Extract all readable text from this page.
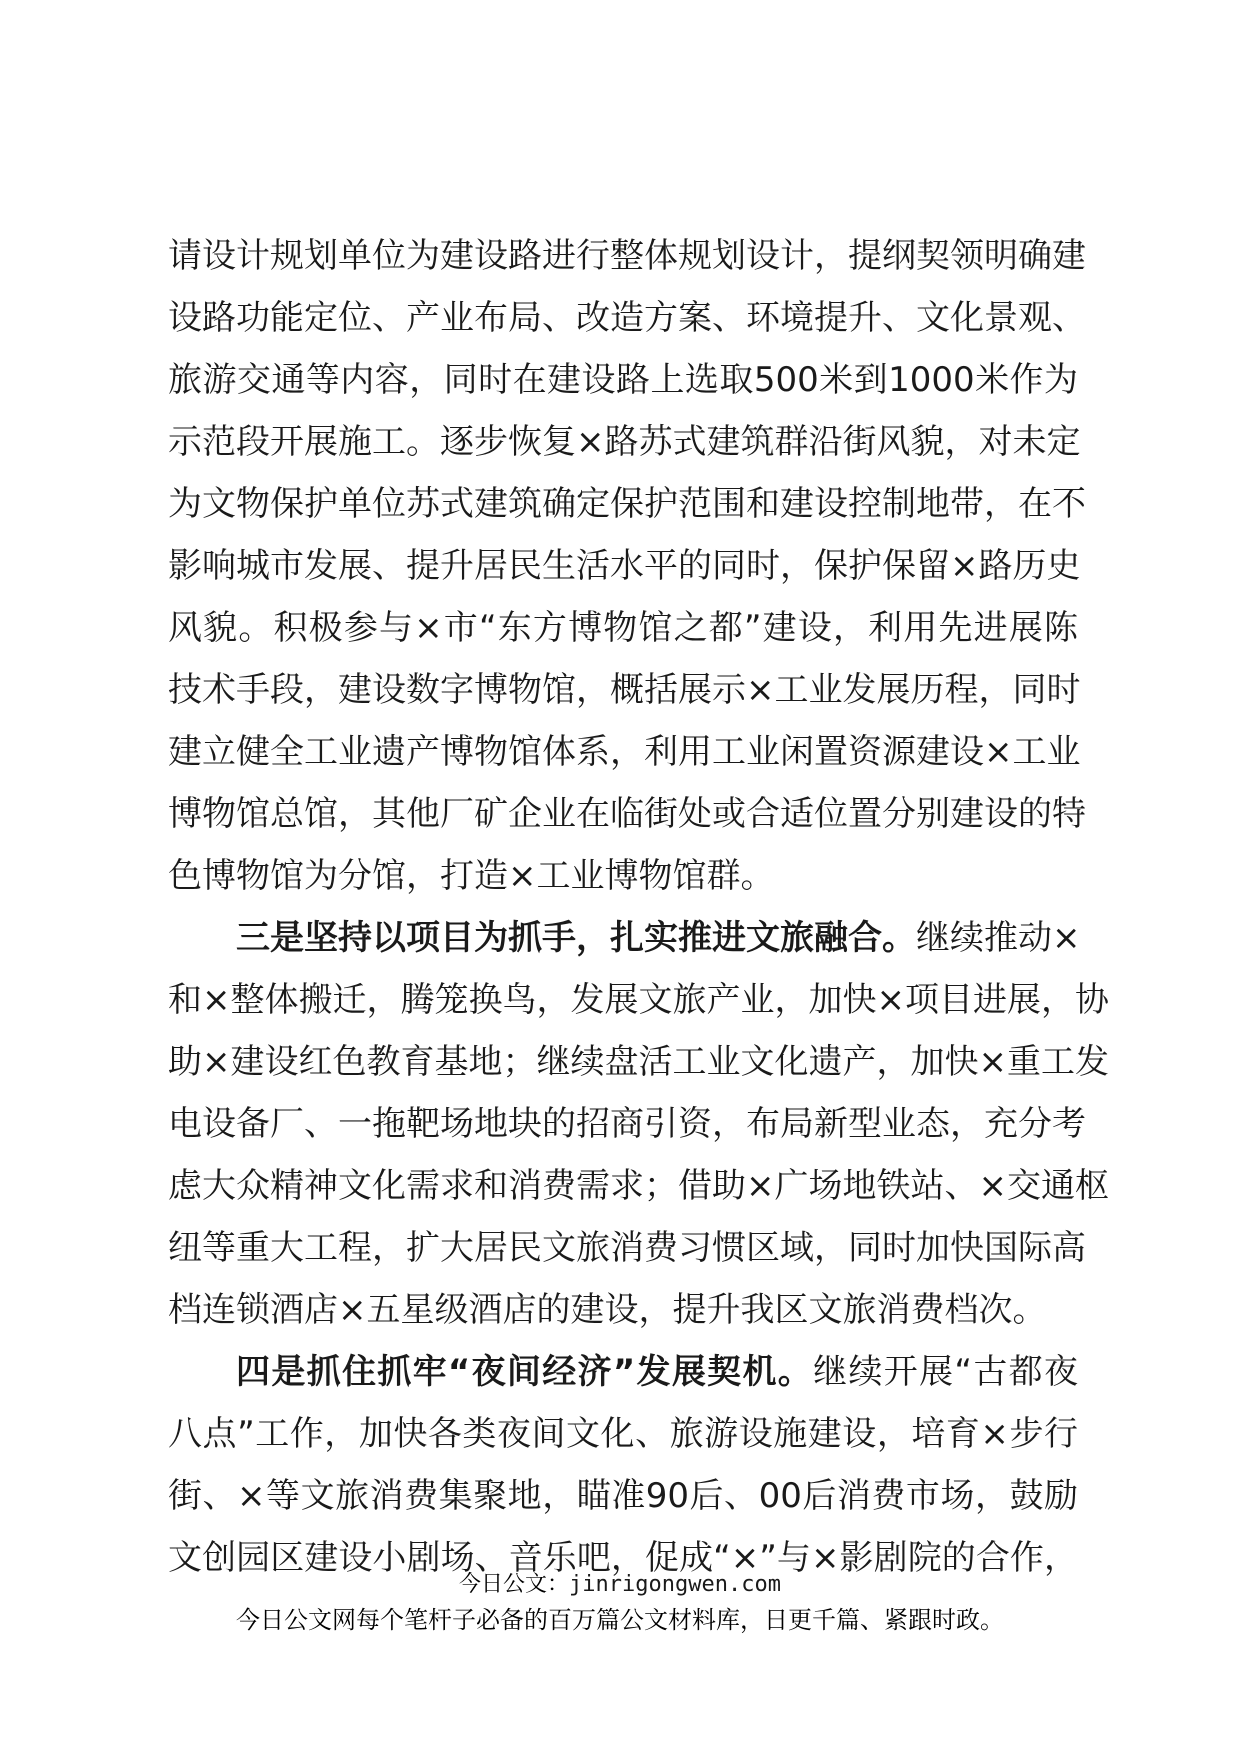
请设计规划单位为建设路进行整体规划设计，提纲契领明确建
设路功能定位、产业布局、改造方案、环境提升、文化景观、
旅游交通等内容，同时在建设路上选取500米到1000米作为
示范段开展施工。逐步恢复×路苏式建筑群沿街风貌，对未定
为文物保护单位苏式建筑确定保护范围和建设控制地带，在不
影响城市发展、提升居民生活水平的同时，保护保留×路历史
风貌。积极参与×市“东方博物馆之都”建设，利用先进展陈
技术手段，建设数字博物馆，概括展示×工业发展历程，同时
建立健全工业遗产博物馆体系，利用工业闲置资源建设×工业
博物馆总馆，其他厂矿企业在临街处或合适位置分别建设的特
色博物馆为分馆，打造×工业博物馆群。
三是坚持以项目为抓手，扎实推进文旅融合。继续推动×
和×整体搬迁，腾笼换鸟，发展文旅产业，加快×项目进展，协
助×建设红色教育基地；继续盘活工业文化遗产，加快×重工发
电设备厂、一拖靶场地块的招商引资，布局新型业态，充分考
虑大众精神文化需求和消费需求；借助×广场地铁站、×交通枢
纽等重大工程，扩大居民文旅消费习惯区域，同时加快国际高
档连锁酒店×五星级酒店的建设，提升我区文旅消费档次。
四是抓住抓牢“夜间经济”发展契机。继续开展“古都夜
八点”工作，加快各类夜间文化、旅游设施建设，培育×步行
街、×等文旅消费集聚地，瞄准90后、00后消费市场，鼓励
文创园区建设小剧场、音乐吧，促成“×”与×影剧院的合作，
今日公文：jinrigongwen.com
今日公文网每个笔杆子必备的百万篇公文材料库，日更千篇、紧跟时政。
